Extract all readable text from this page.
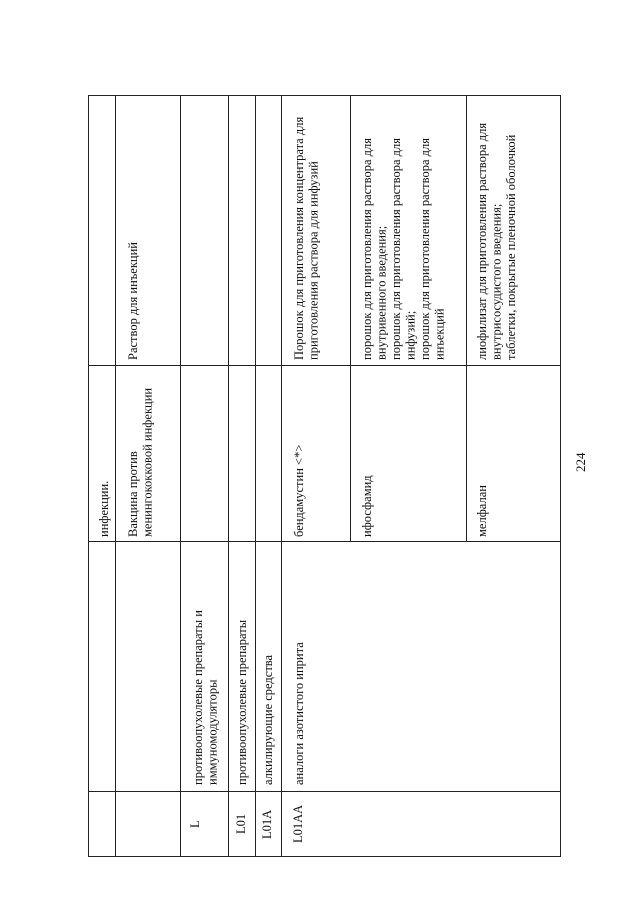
инфекции. Вакцина против менингококковой инфекции
Раствор для инъекций
L
противоопухолевые препараты и иммуномодуляторы
L01
противоопухолевые препараты
L01A
алкилирующие средства
L01AA
аналоги азотистого иприта
бендамустин <*>
Порошок для приготовления концентрата для приготовления раствора для инфузий
ифосфамид
порошок для приготовления раствора для внутривенного введения;
порошок для приготовления раствора для инфузий;
порошок для приготовления раствора для инъекций
мелфалан
лиофилизат для приготовления раствора для внутрисосудистого введения;
таблетки, покрытые пленочной оболочкой
224
